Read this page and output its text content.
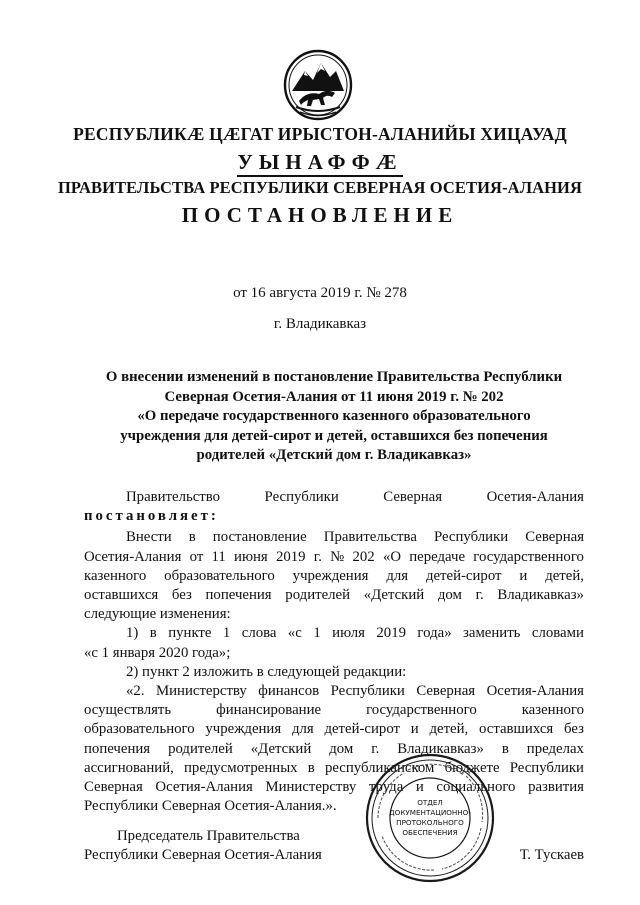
РЕСПУБЛИКÆ ЦÆГАТ ИРЫСТОН-АЛАНИЙЫ ХИЦАУАД
УЫНАФФÆ
ПРАВИТЕЛЬСТВА РЕСПУБЛИКИ СЕВЕРНАЯ ОСЕТИЯ-АЛАНИЯ
ПОСТАНОВЛЕНИЕ
от 16 августа 2019 г. № 278
г. Владикавказ
О внесении изменений в постановление Правительства Республики
Северная Осетия-Алания от 11 июня 2019 г. № 202
«О передаче государственного казенного образовательного
учреждения для детей-сирот и детей, оставшихся без попечения
родителей «Детский дом г. Владикавказ»
Правительство	Республики	Северная	Осетия-Алания
постановляет:
Внести в постановление Правительства Республики Северная
Осетия-Алания от 11 июня 2019 г. № 202 «О передаче государственного
казенного образовательного учреждения для детей-сирот и детей,
оставшихся без попечения родителей «Детский дом г. Владикавказ»
следующие изменения:
1) в пункте 1 слова «с 1 июля 2019 года» заменить словами
«с 1 января 2020 года»;
2) пункт 2 изложить в следующей редакции:
«2. Министерству финансов Республики Северная Осетия-Алания
осуществлять	финансирование	государственного	казенного
образовательного учреждения для детей-сирот и детей, оставшихся без
попечения родителей «Детский дом г. Владикавказ» в пределах
ассигнований, предусмотренных в республиканском бюджете Республики
Северная Осетия-Алания Министерству труда и социального развития
Республики Северная Осетия-Алания.».
Председатель Правительства
Республики Северная Осетия-Алания	Т. Тускаев
ОТДЕЛ
ДОКУМЕНТАЦИОННО-
ПРОТОКОЛЬНОГО
ОБЕСПЕЧЕНИЯ
